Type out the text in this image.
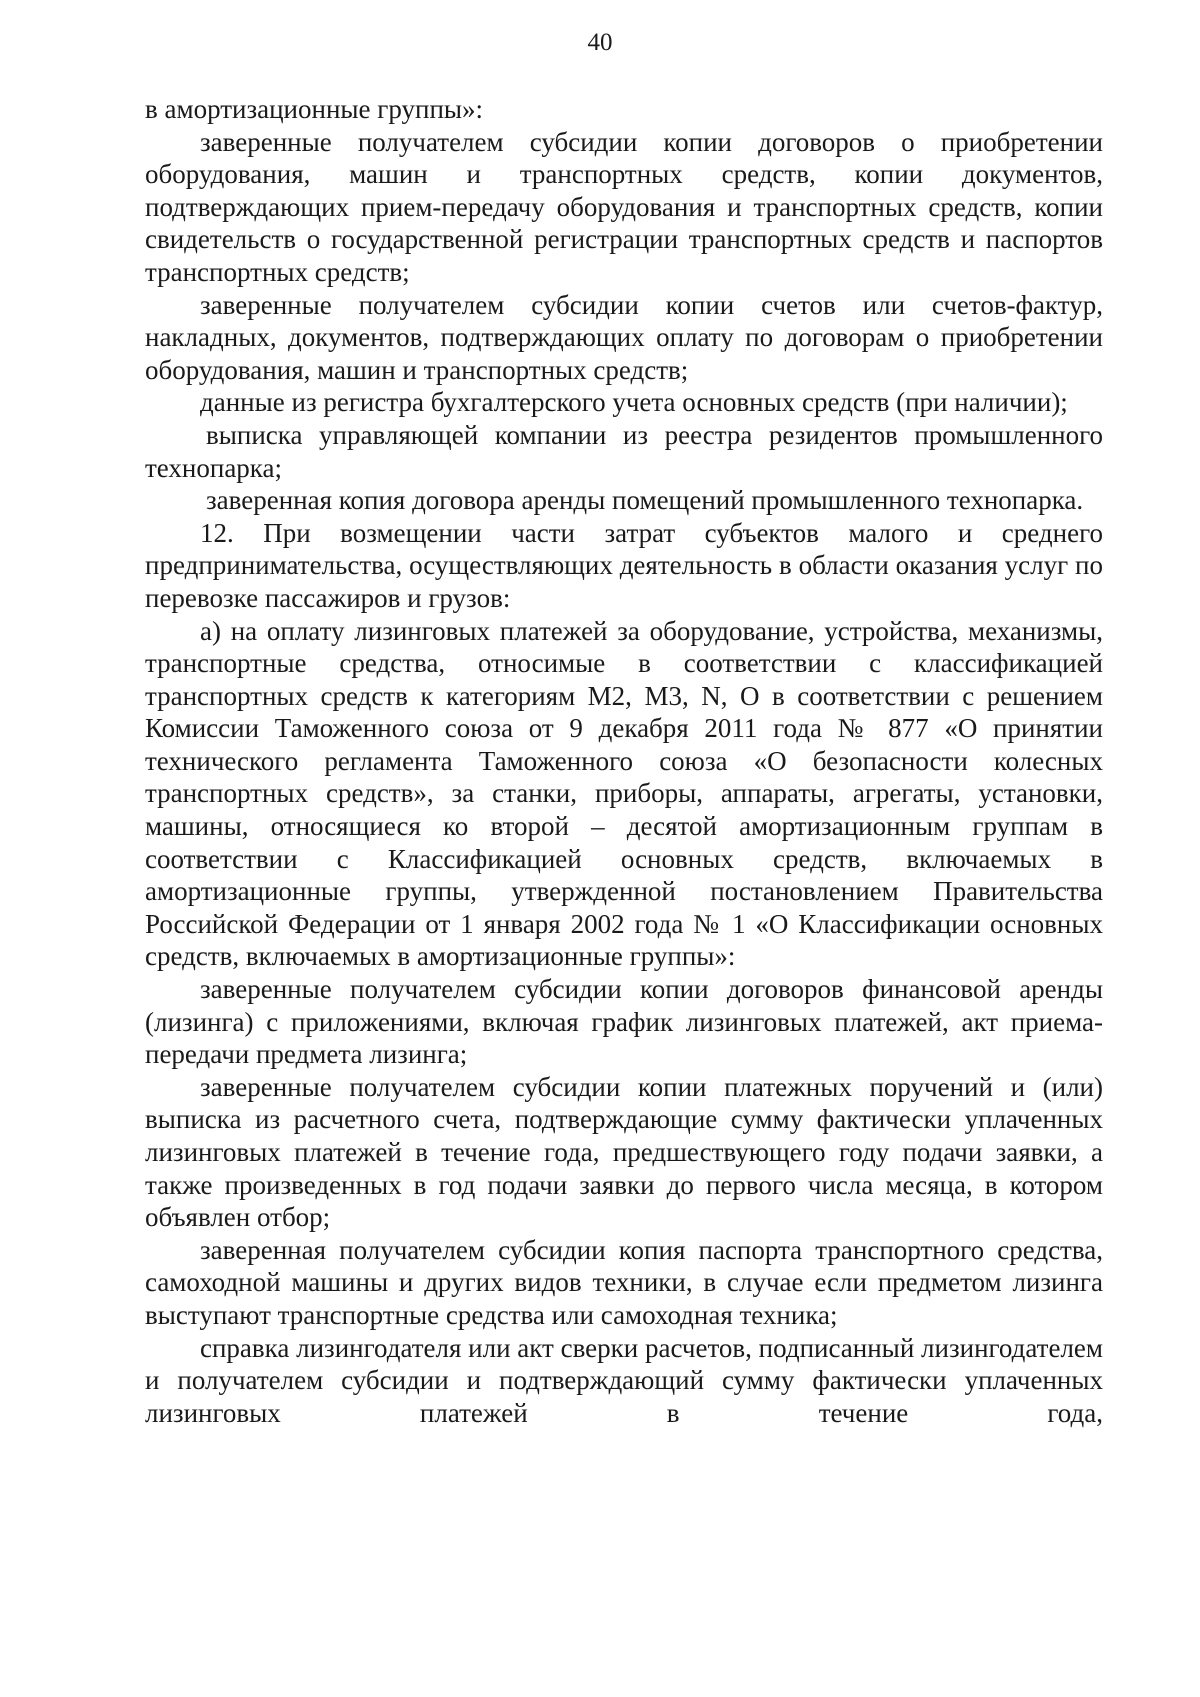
40

в амортизационные группы»:

заверенные получателем субсидии копии договоров о приобретении оборудования, машин и транспортных средств, копии документов, подтверждающих прием-передачу оборудования и транспортных средств, копии свидетельств о государственной регистрации транспортных средств и паспортов транспортных средств;

заверенные получателем субсидии копии счетов или счетов-фактур, накладных, документов, подтверждающих оплату по договорам о приобретении оборудования, машин и транспортных средств;

данные из регистра бухгалтерского учета основных средств (при наличии);

выписка управляющей компании из реестра резидентов промышленного технопарка;

заверенная копия договора аренды помещений промышленного технопарка.

12. При возмещении части затрат субъектов малого и среднего предпринимательства, осуществляющих деятельность в области оказания услуг по перевозке пассажиров и грузов:

а) на оплату лизинговых платежей за оборудование, устройства, механизмы, транспортные средства, относимые в соответствии с классификацией транспортных средств к категориям М2, М3, N, О в соответствии с решением Комиссии Таможенного союза от 9 декабря 2011 года № 877 «О принятии технического регламента Таможенного союза «О безопасности колесных транспортных средств», за станки, приборы, аппараты, агрегаты, установки, машины, относящиеся ко второй – десятой амортизационным группам в соответствии с Классификацией основных средств, включаемых в амортизационные группы, утвержденной постановлением Правительства Российской Федерации от 1 января 2002 года № 1 «О Классификации основных средств, включаемых в амортизационные группы»:

заверенные получателем субсидии копии договоров финансовой аренды (лизинга) с приложениями, включая график лизинговых платежей, акт приема-передачи предмета лизинга;

заверенные получателем субсидии копии платежных поручений и (или) выписка из расчетного счета, подтверждающие сумму фактически уплаченных лизинговых платежей в течение года, предшествующего году подачи заявки, а также произведенных в год подачи заявки до первого числа месяца, в котором объявлен отбор;

заверенная получателем субсидии копия паспорта транспортного средства, самоходной машины и других видов техники, в случае если предметом лизинга выступают транспортные средства или самоходная техника;

справка лизингодателя или акт сверки расчетов, подписанный лизингодателем и получателем субсидии и подтверждающий сумму фактически уплаченных лизинговых платежей в течение года,
